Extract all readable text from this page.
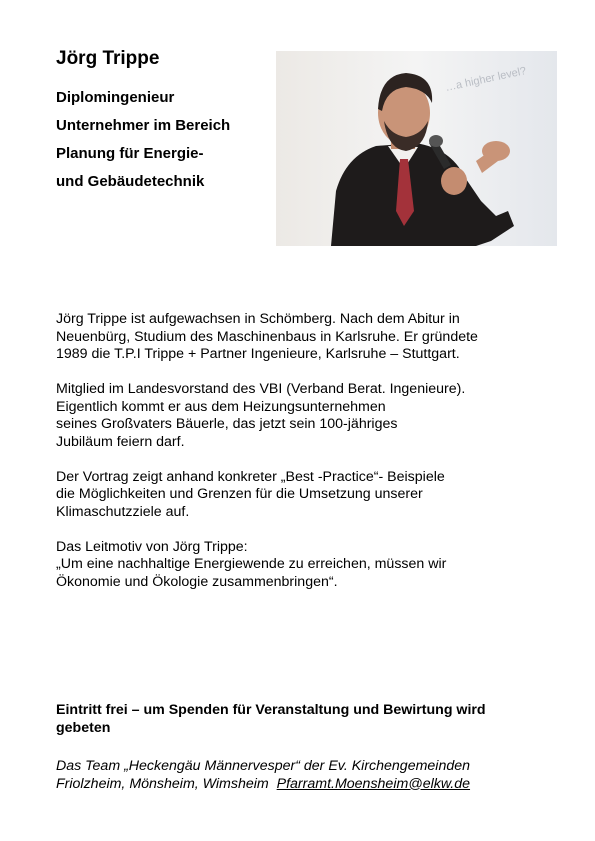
Jörg Trippe
Diplomingenieur
Unternehmer im Bereich
Planung für Energie-
und Gebäudetechnik
…a higher level?
Jörg Trippe ist aufgewachsen in Schömberg. Nach dem Abitur in
Neuenbürg, Studium des Maschinenbaus in Karlsruhe. Er gründete
1989 die T.P.I Trippe + Partner Ingenieure, Karlsruhe – Stuttgart.
Mitglied im Landesvorstand des VBI (Verband Berat. Ingenieure).
Eigentlich kommt er aus dem Heizungsunternehmen
seines Großvaters Bäuerle, das jetzt sein 100-jähriges
Jubiläum feiern darf.
Der Vortrag zeigt anhand konkreter „Best -Practice“- Beispiele
die Möglichkeiten und Grenzen für die Umsetzung unserer
Klimaschutzziele auf.
Das Leitmotiv von Jörg Trippe:
„Um eine nachhaltige Energiewende zu erreichen, müssen wir
Ökonomie und Ökologie zusammenbringen“.
Eintritt frei – um Spenden für Veranstaltung und Bewirtung wird
gebeten
Das Team „Heckengäu Männervesper“ der Ev. Kirchengemeinden
Friolzheim, Mönsheim, Wimsheim Pfarramt.Moensheim@elkw.de
